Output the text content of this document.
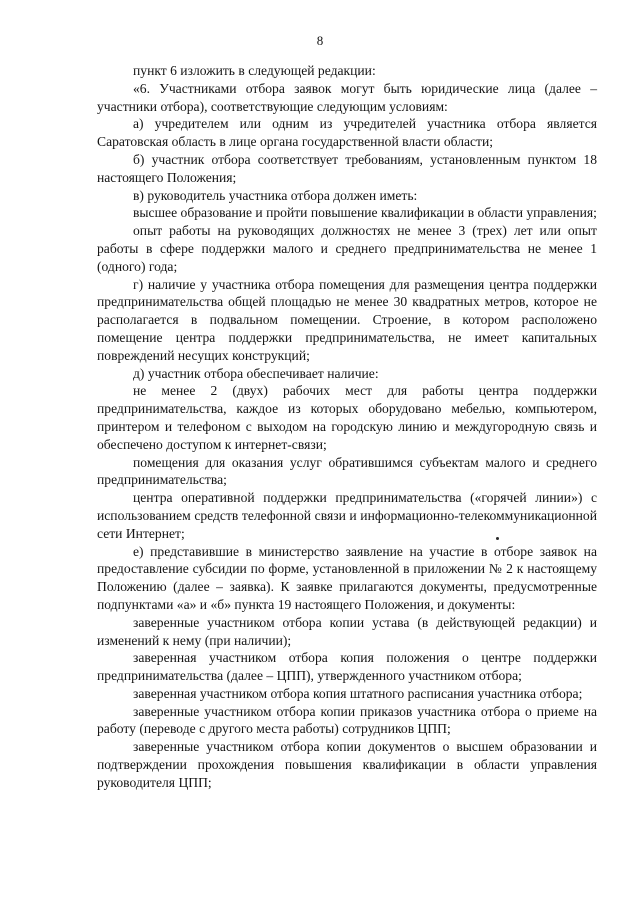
8

пункт 6 изложить в следующей редакции:

«6. Участниками отбора заявок могут быть юридические лица (далее – участники отбора), соответствующие следующим условиям:

а) учредителем или одним из учредителей участника отбора является Саратовская область в лице органа государственной власти области;

б) участник отбора соответствует требованиям, установленным пунктом 18 настоящего Положения;

в) руководитель участника отбора должен иметь:

высшее образование и пройти повышение квалификации в области управления;

опыт работы на руководящих должностях не менее 3 (трех) лет или опыт работы в сфере поддержки малого и среднего предпринимательства не менее 1 (одного) года;

г) наличие у участника отбора помещения для размещения центра поддержки предпринимательства общей площадью не менее 30 квадратных метров, которое не располагается в подвальном помещении. Строение, в котором расположено помещение центра поддержки предпринимательства, не имеет капитальных повреждений несущих конструкций;

д) участник отбора обеспечивает наличие:

не менее 2 (двух) рабочих мест для работы центра поддержки предпринимательства, каждое из которых оборудовано мебелью, компьютером, принтером и телефоном с выходом на городскую линию и междугородную связь и обеспечено доступом к интернет-связи;

помещения для оказания услуг обратившимся субъектам малого и среднего предпринимательства;

центра оперативной поддержки предпринимательства («горячей линии») с использованием средств телефонной связи и информационно-телекоммуникационной сети Интернет;

е) представившие в министерство заявление на участие в отборе заявок на предоставление субсидии по форме, установленной в приложении № 2 к настоящему Положению (далее – заявка). К заявке прилагаются документы, предусмотренные подпунктами «а» и «б» пункта 19 настоящего Положения, и документы:

заверенные участником отбора копии устава (в действующей редакции) и изменений к нему (при наличии);

заверенная участником отбора копия положения о центре поддержки предпринимательства (далее – ЦПП), утвержденного участником отбора;

заверенная участником отбора копия штатного расписания участника отбора;

заверенные участником отбора копии приказов участника отбора о приеме на работу (переводе с другого места работы) сотрудников ЦПП;

заверенные участником отбора копии документов о высшем образовании и подтверждении прохождения повышения квалификации в области управления руководителя ЦПП;
